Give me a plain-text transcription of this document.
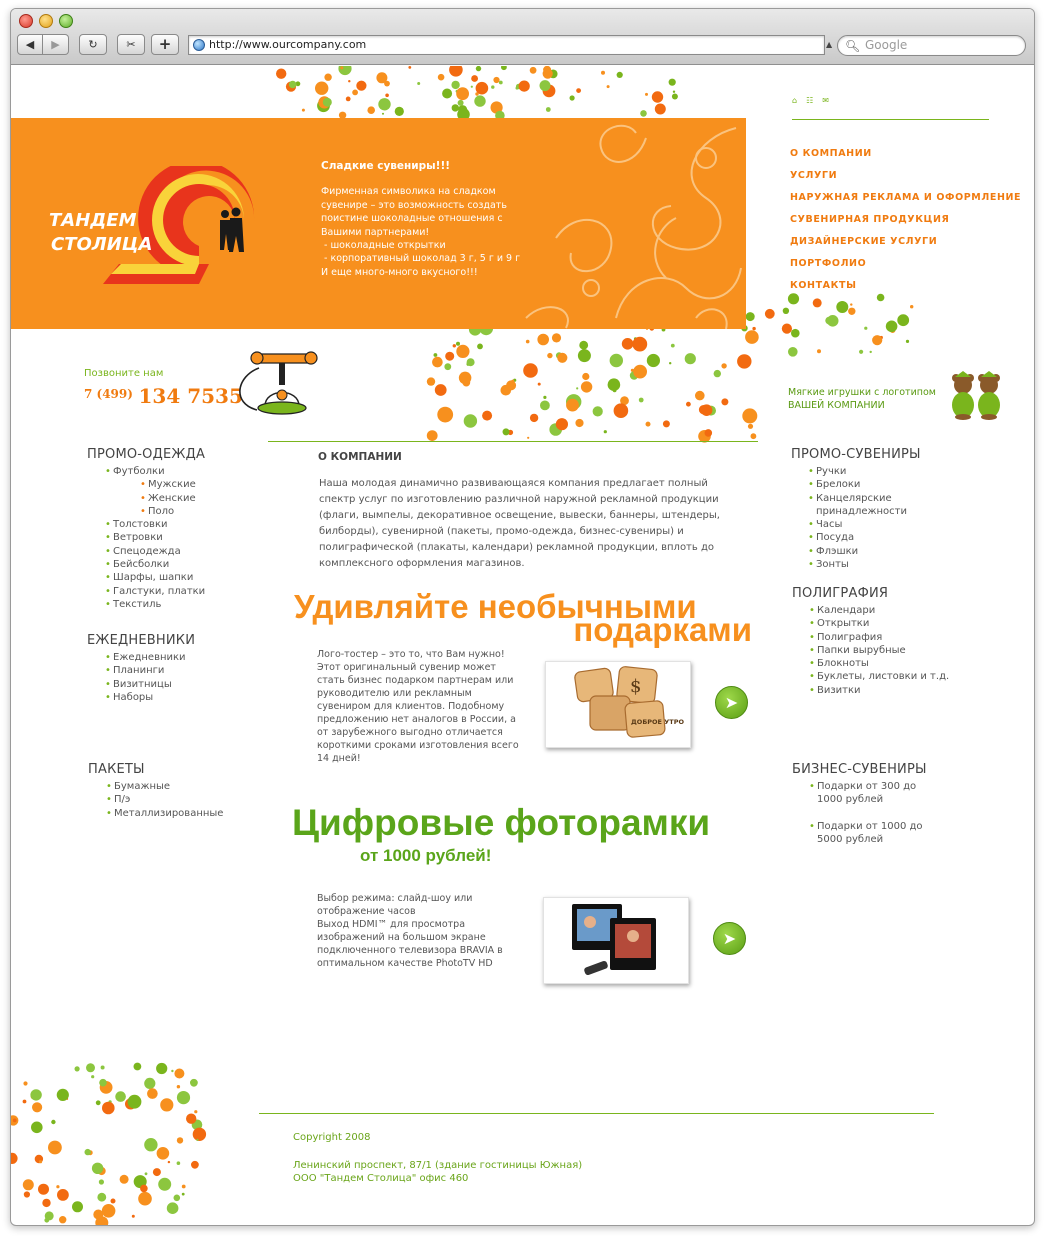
◀	▶	↻	✂	+	http://www.ourcompany.com	▲ 🔍︎ Google
ТАНДЕМ
СТОЛИЦА
Сладкие сувениры!!!

Фирменная символика на сладком

сувенире – это возможность создать

поистине шоколадные отношения с

Вашими партнерами!

- шоколадные открытки

- корпоративный шоколад 3 г, 5 г и 9 г

И еще много-много вкусного!!!

⌂☷✉
О КОМПАНИИ
УСЛУГИ
НАРУЖНАЯ РЕКЛАМА И ОФОРМЛЕНИЕ
СУВЕНИРНАЯ ПРОДУКЦИЯ
ДИЗАЙНЕРСКИЕ УСЛУГИ
ПОРТФОЛИО
КОНТАКТЫ
Позвоните нам
$^{7 (499)}$ 134 7535	Мягкие игрушки с логотипом
ВАШЕЙ КОМПАНИИ
ПРОМО-ОДЕЖДА
• Футболки
• Мужские
• Женские
• Поло
• Толстовки
• Ветровки
• Спецодежда
• Бейсболки
• Шарфы, шапки
• Галстуки, платки
• Текстиль
ЕЖЕДНЕВНИКИ
• Ежедневники
• Планинги
• Визитницы
• Наборы
ПАКЕТЫ
• Бумажные
• П/э
• Металлизированные
ПРОМО-СУВЕНИРЫ
• Ручки
• Брелоки
• Канцелярские принадлежности
• Часы
• Посуда
• Флэшки
• Зонты
ПОЛИГРАФИЯ
• Календари
• Открытки
• Полиграфия
• Папки вырубные
• Блокноты
• Буклеты, листовки и т.д.
• Визитки
БИЗНЕС-СУВЕНИРЫ
• Подарки от 300 до 1000 рублей
• Подарки от 1000 до 5000 рублей
О КОМПАНИИ
Наша молодая динамично развивающаяся компания предлагает полный спектр услуг по изготовлению различной наружной рекламной продукции (флаги, вымпелы, декоративное освещение, вывески, баннеры, штендеры, билборды), сувенирной (пакеты, промо-одежда, бизнес-сувениры) и полиграфической (плакаты, календари) рекламной продукции, вплоть до комплексного оформления магазинов.
Удивляйте необычными
подарками
Лого-тостер – это то, что Вам нужно! Этот оригинальный сувенир может стать бизнес подарком партнерам или руководителю или рекламным сувениром для клиентов. Подобному предложению нет аналогов в России, а от зарубежного выгодно отличается короткими сроками изготовления всего 14 дней!
$
ДОБРОЕ УТРО
➤
Цифровые фоторамки
от 1000 рублей!
Выбор режима: слайд-шоу или
отображение часов
Выход HDMI™ для просмотра
изображений на большом экране
подключенного телевизора BRAVIA в
оптимальном качестве PhotoTV HD
➤
Copyright 2008
Ленинский проспект, 87/1 (здание гостиницы Южная)
ООО "Тандем Столица" офис 460
